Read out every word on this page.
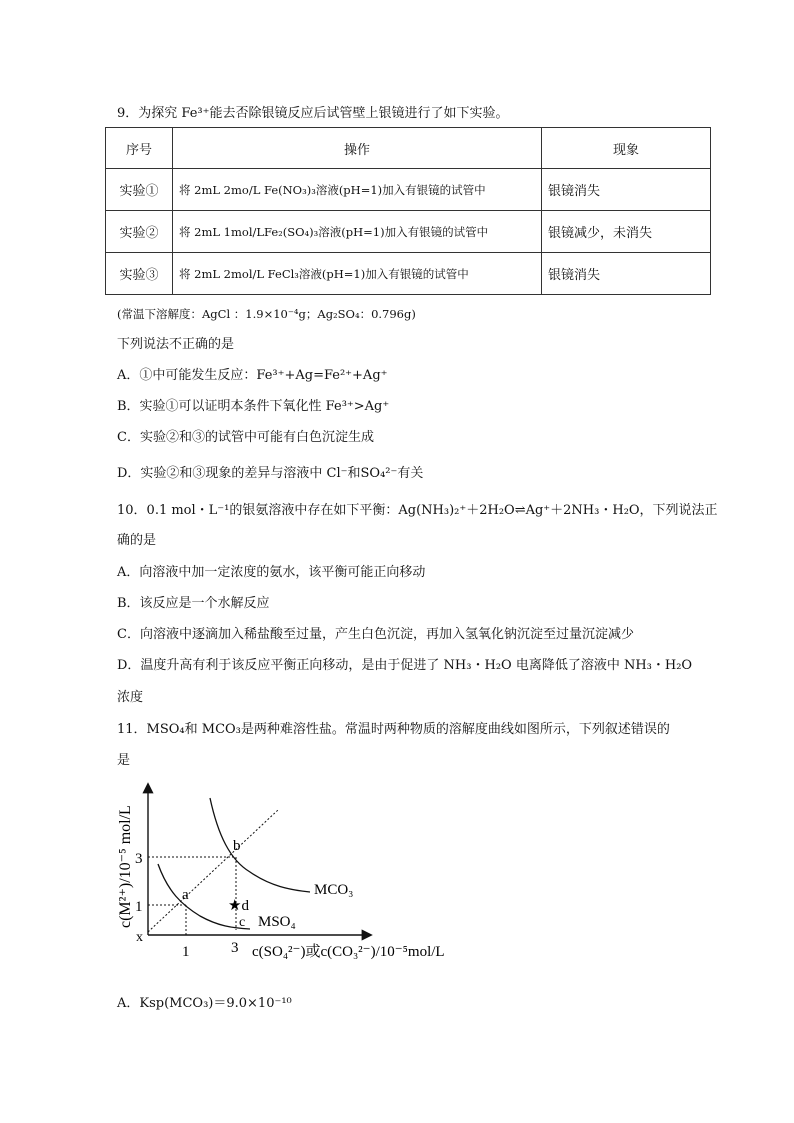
9．为探究 Fe³⁺能去否除银镜反应后试管壁上银镜进行了如下实验。
序号	操作	现象
实验①	将 2mL 2mo/L Fe(NO₃)₃溶液(pH=1)加入有银镜的试管中	银镜消失
实验②	将 2mL 1mol/LFe₂(SO₄)₃溶液(pH=1)加入有银镜的试管中	银镜减少，未消失
实验③	将 2mL 2mol/L FeCl₃溶液(pH=1)加入有银镜的试管中	银镜消失
(常温下溶解度：AgCl ：1.9×10⁻⁴g；Ag₂SO₄：0.796g)
下列说法不正确的是
A．①中可能发生反应：Fe³⁺+Ag=Fe²⁺+Ag⁺
B．实验①可以证明本条件下氧化性 Fe³⁺>Ag⁺
C．实验②和③的试管中可能有白色沉淀生成
D．实验②和③现象的差异与溶液中 Cl⁻和SO₄²⁻有关
10．0.1 mol・L⁻¹的银氨溶液中存在如下平衡：Ag(NH₃)₂⁺＋2H₂O⇌Ag⁺＋2NH₃・H₂O，下列说法正
确的是
A．向溶液中加一定浓度的氨水，该平衡可能正向移动
B．该反应是一个水解反应
C．向溶液中逐滴加入稀盐酸至过量，产生白色沉淀，再加入氢氧化钠沉淀至过量沉淀减少
D．温度升高有利于该反应平衡正向移动，是由于促进了 NH₃・H₂O 电离降低了溶液中 NH₃・H₂O
浓度
11．MSO₄和 MCO₃是两种难溶性盐。常温时两种物质的溶解度曲线如图所示，下列叙述错误的
是
c(M²⁺)/10⁻⁵ mol/L 3
1
x
1	3 c(SO₄²⁻)或c(CO₃²⁻)/10⁻⁵mol/L
a
b
c
★d
MCO₃
MSO₄
A．Ksp(MCO₃)＝9.0×10⁻¹⁰
